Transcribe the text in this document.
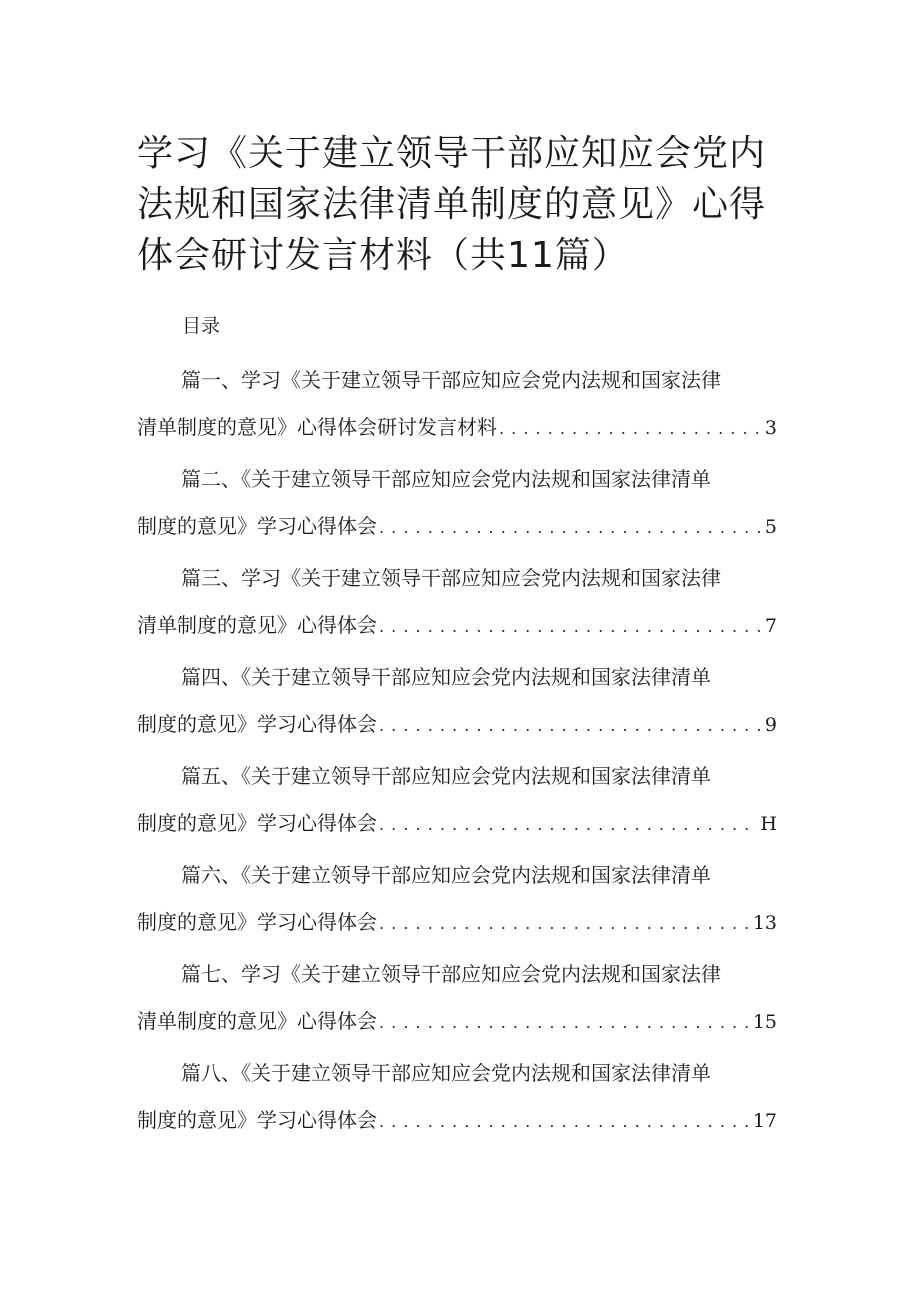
学习《关于建立领导干部应知应会党内法规和国家法律清单制度的意见》心得体会研讨发言材料（共11篇）
目录
篇一、学习《关于建立领导干部应知应会党内法规和国家法律
清单制度的意见》心得体会研讨发言材料 . . .	3
篇二、《关于建立领导干部应知应会党内法规和国家法律清单
制度的意见》学习心得体会 . . .	5
篇三、学习《关于建立领导干部应知应会党内法规和国家法律
清单制度的意见》心得体会 . . .	7
篇四、《关于建立领导干部应知应会党内法规和国家法律清单
制度的意见》学习心得体会 . . .	9
篇五、《关于建立领导干部应知应会党内法规和国家法律清单
制度的意见》学习心得体会 . . .	H
篇六、《关于建立领导干部应知应会党内法规和国家法律清单
制度的意见》学习心得体会 . . .	13
篇七、学习《关于建立领导干部应知应会党内法规和国家法律
清单制度的意见》心得体会 . . .	15
篇八、《关于建立领导干部应知应会党内法规和国家法律清单
制度的意见》学习心得体会 . . .	17
